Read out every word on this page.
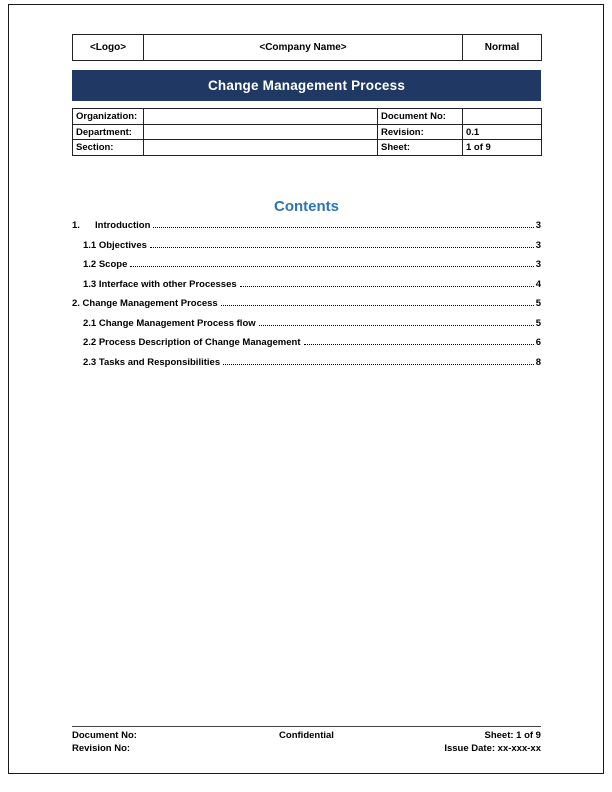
<Logo>	<Company Name>	Normal
Change Management Process
Organization:		Document No:	
Department:		Revision:	0.1
Section:		Sheet:	1 of 9
Contents
1.	Introduction	3
1.1 Objectives	3
1.2 Scope	3
1.3 Interface with other Processes	4
2. Change Management Process	5
2.1 Change Management Process flow	5
2.2 Process Description of Change Management	6
2.3 Tasks and Responsibilities	8
Document No:
Revision No:
Confidential	Sheet: 1 of 9
Issue Date: xx-xxx-xx
